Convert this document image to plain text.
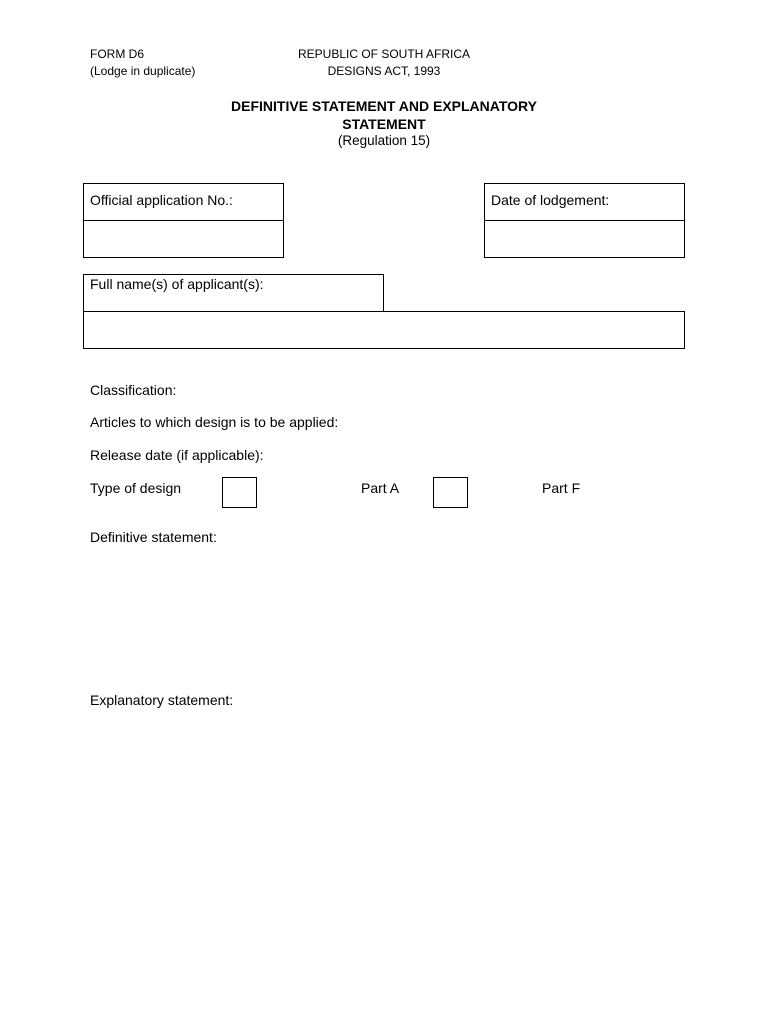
FORM D6
(Lodge in duplicate)
REPUBLIC OF SOUTH AFRICA
DESIGNS ACT, 1993
DEFINITIVE STATEMENT AND EXPLANATORY
STATEMENT
(Regulation 15)
Official application No.:	Date of lodgement:
Full name(s) of applicant(s):
Classification:
Articles to which design is to be applied:
Release date (if applicable):
Type of design	Part A	Part F
Definitive statement:
Explanatory statement:
